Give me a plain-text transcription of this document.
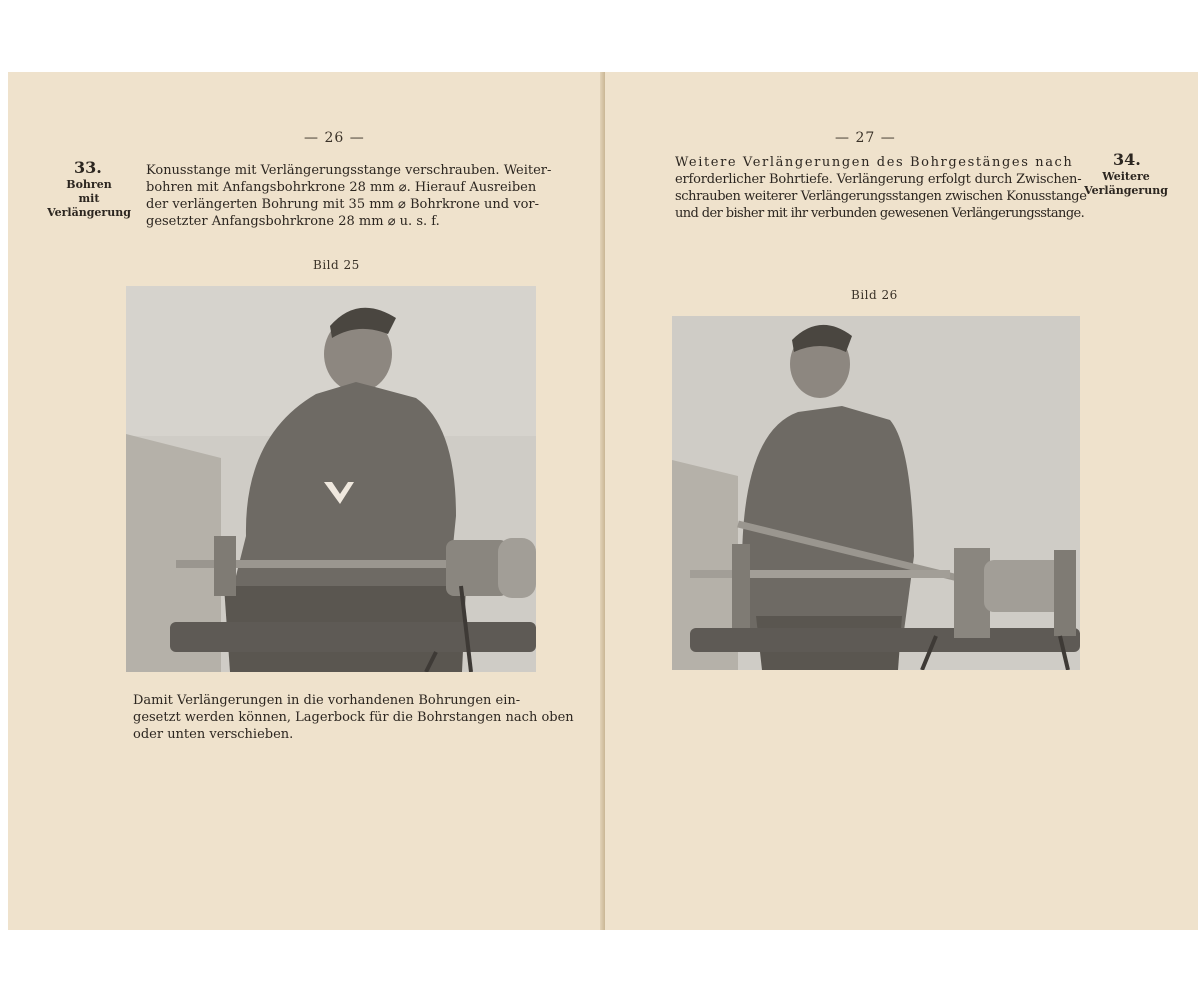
— 26 —
33.
Bohren
mit
Verlängerung
Konusstange mit Verlängerungsstange verschrauben. Weiter-
bohren mit Anfangsbohrkrone 28 mm ⌀. Hierauf Ausreiben
der verlängerten Bohrung mit 35 mm ⌀ Bohrkrone und vor-
gesetzter Anfangsbohrkrone 28 mm ⌀ u. s. f.
Bild 25
Damit Verlängerungen in die vorhandenen Bohrungen ein-
gesetzt werden können, Lagerbock für die Bohrstangen nach oben
oder unten verschieben.
— 27 —
Weitere Verlängerungen des Bohrgestänges nach
erforderlicher Bohrtiefe. Verlängerung erfolgt durch Zwischen-
schrauben weiterer Verlängerungsstangen zwischen Konusstange
und der bisher mit ihr verbunden gewesenen Verlängerungsstange.
34.
Weitere
Verlängerung
Bild 26
